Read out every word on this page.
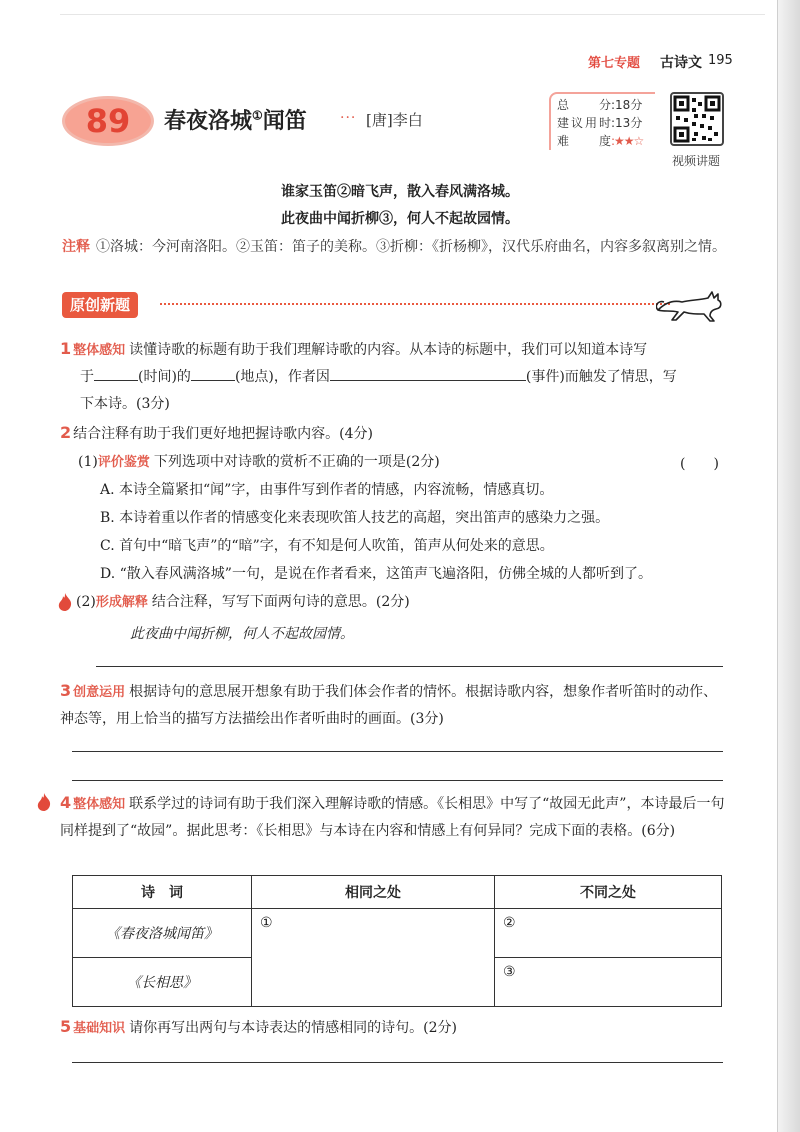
第七专题 古诗文 195
89	春夜洛城①闻笛 ··· [唐]李白
总　　分:18分
建议用时:13分
难　　度:★★☆
视频讲题
谁家玉笛②暗飞声，散入春风满洛城。
此夜曲中闻折柳③，何人不起故园情。
注释 ①洛城：今河南洛阳。②玉笛：笛子的美称。③折柳：《折杨柳》，汉代乐府曲名，内容多叙离别之情。
原创新题
1 整体感知 读懂诗歌的标题有助于我们理解诗歌的内容。从本诗的标题中，我们可以知道本诗写
于	(时间)的	(地点)，作者因	(事件)而触发了情思，写
下本诗。(3分)
2 结合注释有助于我们更好地把握诗歌内容。(4分)
(1)评价鉴赏 下列选项中对诗歌的赏析不正确的一项是(2分)	(　　)
A. 本诗全篇紧扣“闻”字，由事件写到作者的情感，内容流畅，情感真切。
B. 本诗着重以作者的情感变化来表现吹笛人技艺的高超，突出笛声的感染力之强。
C. 首句中“暗飞声”的“暗”字，有不知是何人吹笛，笛声从何处来的意思。
D. “散入春风满洛城”一句，是说在作者看来，这笛声飞遍洛阳，仿佛全城的人都听到了。
(2)形成解释 结合注释，写写下面两句诗的意思。(2分)
此夜曲中闻折柳，何人不起故园情。
3 创意运用 根据诗句的意思展开想象有助于我们体会作者的情怀。根据诗歌内容，想象作者听笛时的动作、神态等，用上恰当的描写方法描绘出作者听曲时的画面。(3分)
4 整体感知 联系学过的诗词有助于我们深入理解诗歌的情感。《长相思》中写了“故园无此声”，本诗最后一句同样提到了“故园”。据此思考：《长相思》与本诗在内容和情感上有何异同？完成下面的表格。(6分)
诗　词	相同之处	不同之处
《春夜洛城闻笛》	①	②
《长相思》		③
5 基础知识 请你再写出两句与本诗表达的情感相同的诗句。(2分)
